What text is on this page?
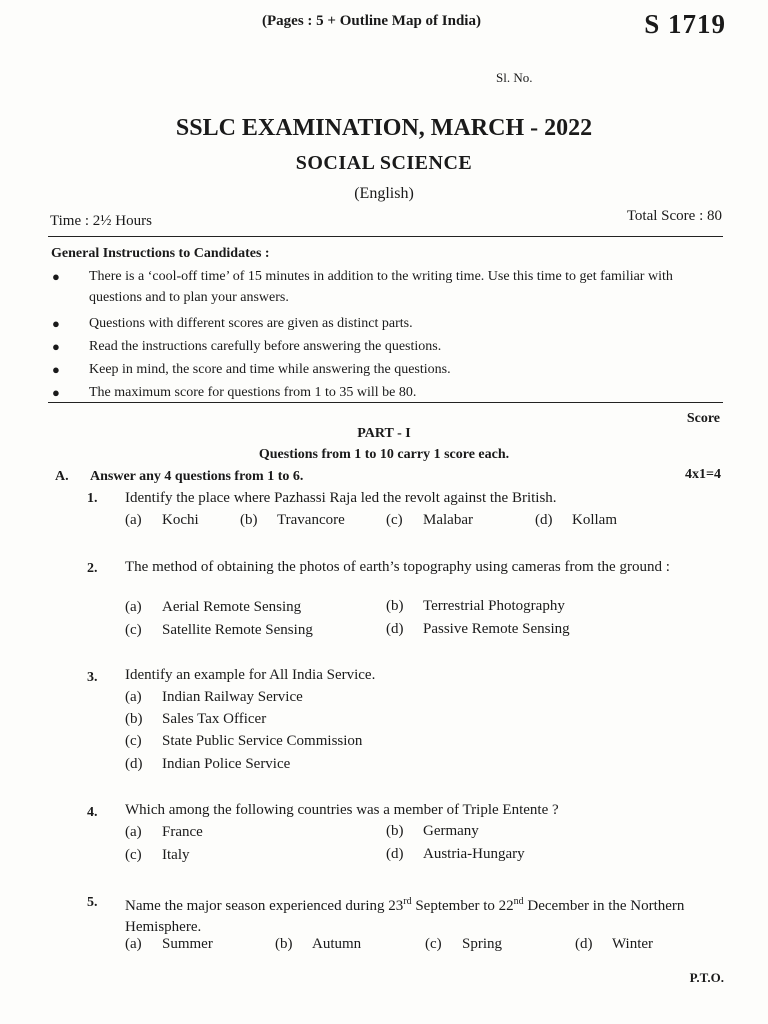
(Pages : 5 + Outline Map of India)	S 1719
Sl. No.
SSLC EXAMINATION, MARCH - 2022
SOCIAL SCIENCE
(English)
Time : 2½ Hours	Total Score : 80
General Instructions to Candidates :
● There is a ‘cool-off time’ of 15 minutes in addition to the writing time. Use this time to get familiar with questions and to plan your answers.
● Questions with different scores are given as distinct parts.
● Read the instructions carefully before answering the questions.
● Keep in mind, the score and time while answering the questions.
● The maximum score for questions from 1 to 35 will be 80.
Score
PART - I
Questions from 1 to 10 carry 1 score each.
A. Answer any 4 questions from 1 to 6.	4x1=4
1. Identify the place where Pazhassi Raja led the revolt against the British.
(a) Kochi	(b) Travancore	(c) Malabar	(d) Kollam
2. The method of obtaining the photos of earth’s topography using cameras from the ground :
(a) Aerial Remote Sensing	(b) Terrestrial Photography
(c) Satellite Remote Sensing	(d) Passive Remote Sensing
3. Identify an example for All India Service.
(a) Indian Railway Service
(b) Sales Tax Officer
(c) State Public Service Commission
(d) Indian Police Service
4. Which among the following countries was a member of Triple Entente ?
(a) France	(b) Germany
(c) Italy	(d) Austria-Hungary
5. Name the major season experienced during 23rd September to 22nd December in the Northern Hemisphere.
(a) Summer	(b) Autumn	(c) Spring	(d) Winter
P.T.O.
